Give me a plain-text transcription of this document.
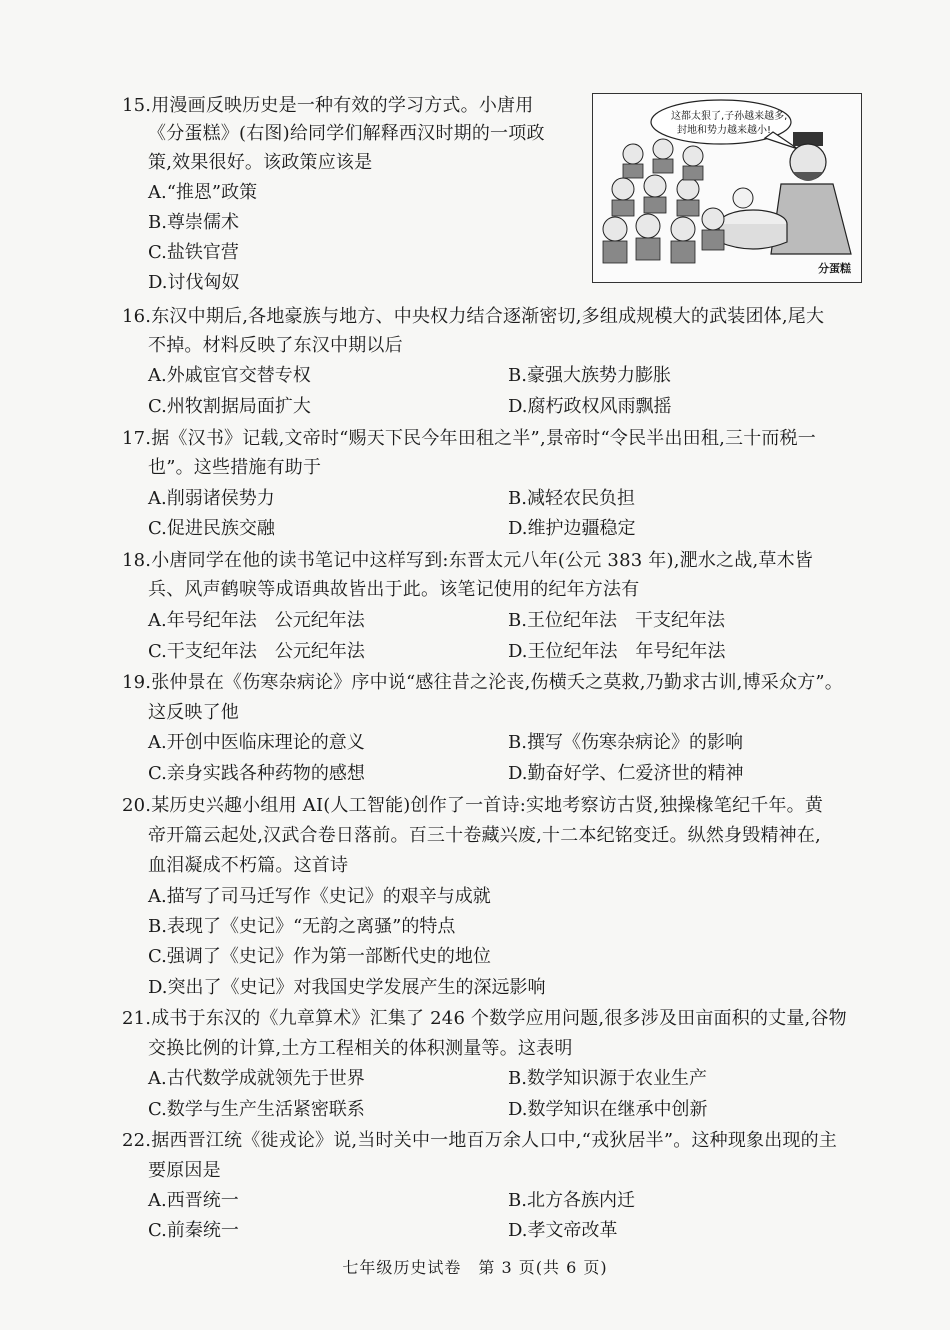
15.用漫画反映历史是一种有效的学习方式。小唐用
《分蛋糕》(右图)给同学们解释西汉时期的一项政
策,效果很好。该政策应该是
A.“推恩”政策
B.尊崇儒术
C.盐铁官营
D.讨伐匈奴
这都太狠了,子孙越来越多,
封地和势力越来越小!
分蛋糕
16.东汉中期后,各地豪族与地方、中央权力结合逐渐密切,多组成规模大的武装团体,尾大
不掉。材料反映了东汉中期以后
A.外戚宦官交替专权	B.豪强大族势力膨胀
C.州牧割据局面扩大	D.腐朽政权风雨飘摇
17.据《汉书》记载,文帝时“赐天下民今年田租之半”,景帝时“令民半出田租,三十而税一
也”。这些措施有助于
A.削弱诸侯势力	B.减轻农民负担
C.促进民族交融	D.维护边疆稳定
18.小唐同学在他的读书笔记中这样写到:东晋太元八年(公元 383 年),淝水之战,草木皆
兵、风声鹤唳等成语典故皆出于此。该笔记使用的纪年方法有
A.年号纪年法　公元纪年法	B.王位纪年法　干支纪年法
C.干支纪年法　公元纪年法	D.王位纪年法　年号纪年法
19.张仲景在《伤寒杂病论》序中说“感往昔之沦丧,伤横夭之莫救,乃勤求古训,博采众方”。
这反映了他
A.开创中医临床理论的意义	B.撰写《伤寒杂病论》的影响
C.亲身实践各种药物的感想	D.勤奋好学、仁爱济世的精神
20.某历史兴趣小组用 AI(人工智能)创作了一首诗:实地考察访古贤,独操椽笔纪千年。黄
帝开篇云起处,汉武合卷日落前。百三十卷藏兴废,十二本纪铭变迁。纵然身毁精神在,
血泪凝成不朽篇。这首诗
A.描写了司马迁写作《史记》的艰辛与成就
B.表现了《史记》“无韵之离骚”的特点
C.强调了《史记》作为第一部断代史的地位
D.突出了《史记》对我国史学发展产生的深远影响
21.成书于东汉的《九章算术》汇集了 246 个数学应用问题,很多涉及田亩面积的丈量,谷物
交换比例的计算,土方工程相关的体积测量等。这表明
A.古代数学成就领先于世界	B.数学知识源于农业生产
C.数学与生产生活紧密联系	D.数学知识在继承中创新
22.据西晋江统《徙戎论》说,当时关中一地百万余人口中,“戎狄居半”。这种现象出现的主
要原因是
A.西晋统一	B.北方各族内迁
C.前秦统一	D.孝文帝改革
七年级历史试卷　第 3 页(共 6 页)
